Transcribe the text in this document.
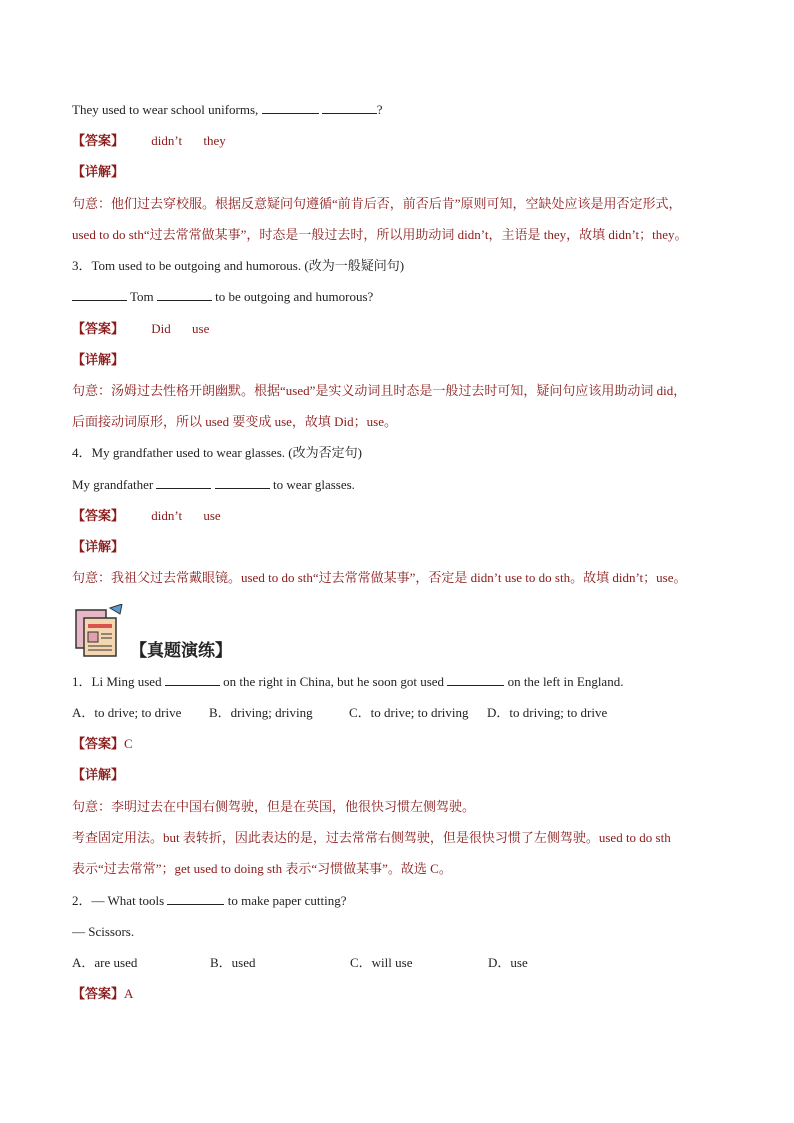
They used to wear school uniforms,	?
【答案】 didn’t they
【详解】
句意：他们过去穿校服。根据反意疑问句遵循“前肯后否，前否后肯”原则可知，空缺处应该是用否定形式，
used to do sth“过去常常做某事”，时态是一般过去时，所以用助动词 didn’t，主语是 they，故填 didn’t；they。
3．Tom used to be outgoing and humorous. (改为一般疑问句)
Tom	to be outgoing and humorous?
【答案】 Did use
【详解】
句意：汤姆过去性格开朗幽默。根据“used”是实义动词且时态是一般过去时可知，疑问句应该用助动词 did，
后面接动词原形，所以 used 要变成 use，故填 Did；use。
4．My grandfather used to wear glasses. (改为否定句)
My grandfather	to wear glasses.
【答案】 didn’t use
【详解】
句意：我祖父过去常戴眼镜。used to do sth“过去常常做某事”，否定是 didn’t use to do sth。故填 didn’t；use。
【真题演练】
1．Li Ming used	on the right in China, but he soon got used	on the left in England.
A．to drive; to drive B．driving; driving	C．to drive; to driving D．to driving; to drive
【答案】C
【详解】
句意：李明过去在中国右侧驾驶，但是在英国，他很快习惯左侧驾驶。
考查固定用法。but 表转折，因此表达的是，过去常常右侧驾驶，但是很快习惯了左侧驾驶。used to do sth
表示“过去常常”；get used to doing sth 表示“习惯做某事”。故选 C。
2．— What tools	to make paper cutting?
— Scissors.
A．are used	B．used	C．will use	D．use
【答案】A
